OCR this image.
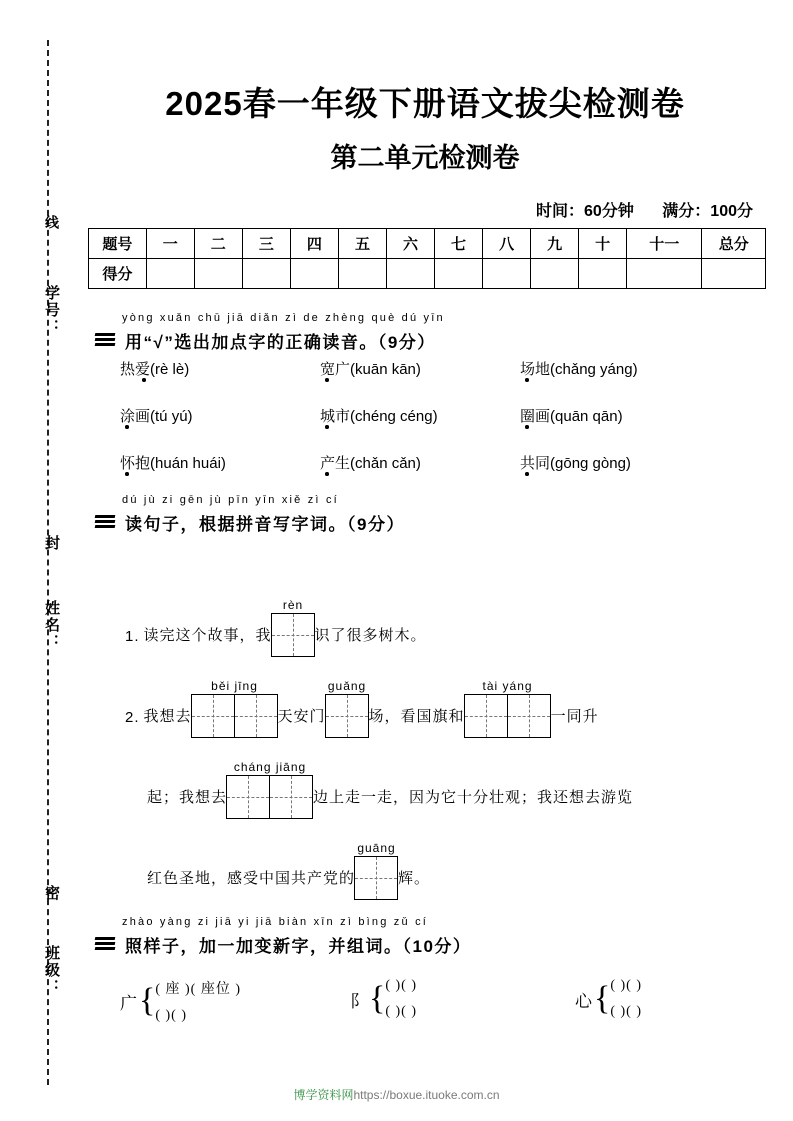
线
学号：
封
姓名：
密
班级：
2025春一年级下册语文拔尖检测卷
第二单元检测卷
时间：60分钟 满分：100分
题号	一	二	三	四	五	六	七	八	九	十	十一	总分
得分												
yòng xuǎn chū jiā diǎn zì de zhèng què dú yīn
用“√”选出加点字的正确读音。（9分）
热爱(rè lè)	宽广(kuān kān)	场地(chǎng yáng)
涂画(tú yú)	城市(chéng céng)	圈画(quān qān)
怀抱(huán huái)	产生(chǎn cǎn)	共同(gōng gòng)
dú jù zi gēn jù pīn yīn xiě zì cí
读句子，根据拼音写字词。（9分）
1. 读完这个故事，我
rèn
识了很多树木。
2. 我想去
běi jīng
天安门
guǎng
场，看国旗和
tài yáng
一同升
起；我想去
cháng jiāng
边上走一走，因为它十分壮观；我还想去游览
红色圣地，感受中国共产党的
guāng
辉。
zhào yàng zi jiā yi jiā biàn xīn zì bìng zǔ cí
照样子，加一加变新字，并组词。（10分）
广 { ( 座 )( 座位 )
( )( )
阝 { ( )( )
( )( )
心 { ( )( )
( )( )
博学资料网https://boxue.ituoke.com.cn
